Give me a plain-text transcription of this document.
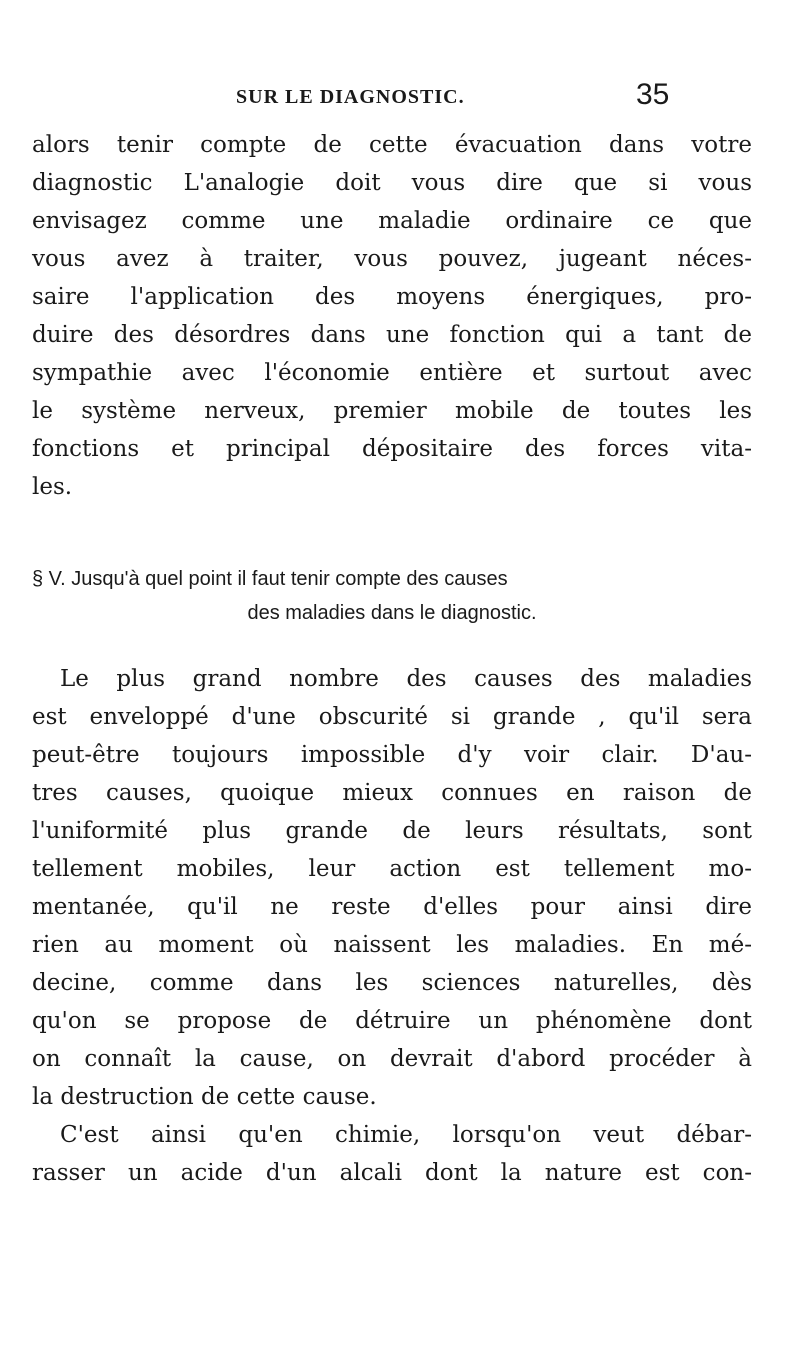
SUR LE DIAGNOSTIC.	35
alors tenir compte de cette évacuation dans votre
diagnostic L'analogie doit vous dire que si vous
envisagez comme une maladie ordinaire ce que
vous avez à traiter, vous pouvez, jugeant néces-
saire l'application des moyens énergiques, pro-
duire des désordres dans une fonction qui a tant de
sympathie avec l'économie entière et surtout avec
le système nerveux, premier mobile de toutes les
fonctions et principal dépositaire des forces vita-
les.
§ V. Jusqu'à quel point il faut tenir compte des causes
des maladies dans le diagnostic.
Le plus grand nombre des causes des maladies
est enveloppé d'une obscurité si grande , qu'il sera
peut-être toujours impossible d'y voir clair. D'au-
tres causes, quoique mieux connues en raison de
l'uniformité plus grande de leurs résultats, sont
tellement mobiles, leur action est tellement mo-
mentanée, qu'il ne reste d'elles pour ainsi dire
rien au moment où naissent les maladies. En mé-
decine, comme dans les sciences naturelles, dès
qu'on se propose de détruire un phénomène dont
on connaît la cause, on devrait d'abord procéder à
la destruction de cette cause.
C'est ainsi qu'en chimie, lorsqu'on veut débar-
rasser un acide d'un alcali dont la nature est con-
